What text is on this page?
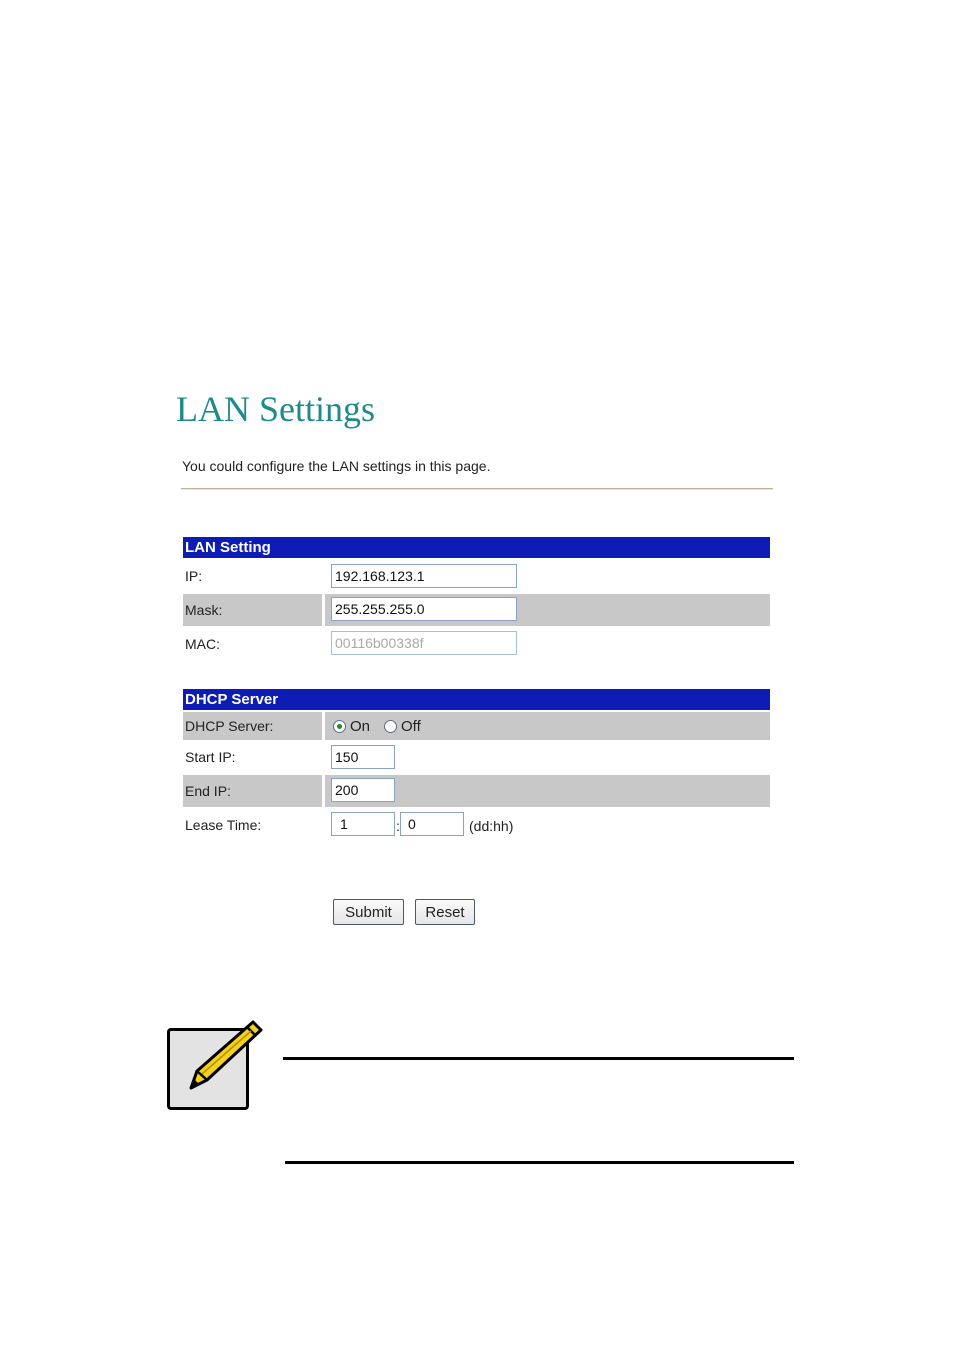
LAN Settings
You could configure the LAN settings in this page.
LAN Setting
IP:
192.168.123.1
Mask:
255.255.255.0
MAC:
00116b00338f
DHCP Server
DHCP Server:	On Off
Start IP:
150
End IP:
200
Lease Time:
1	:
0	(dd:hh)
Submit	Reset
